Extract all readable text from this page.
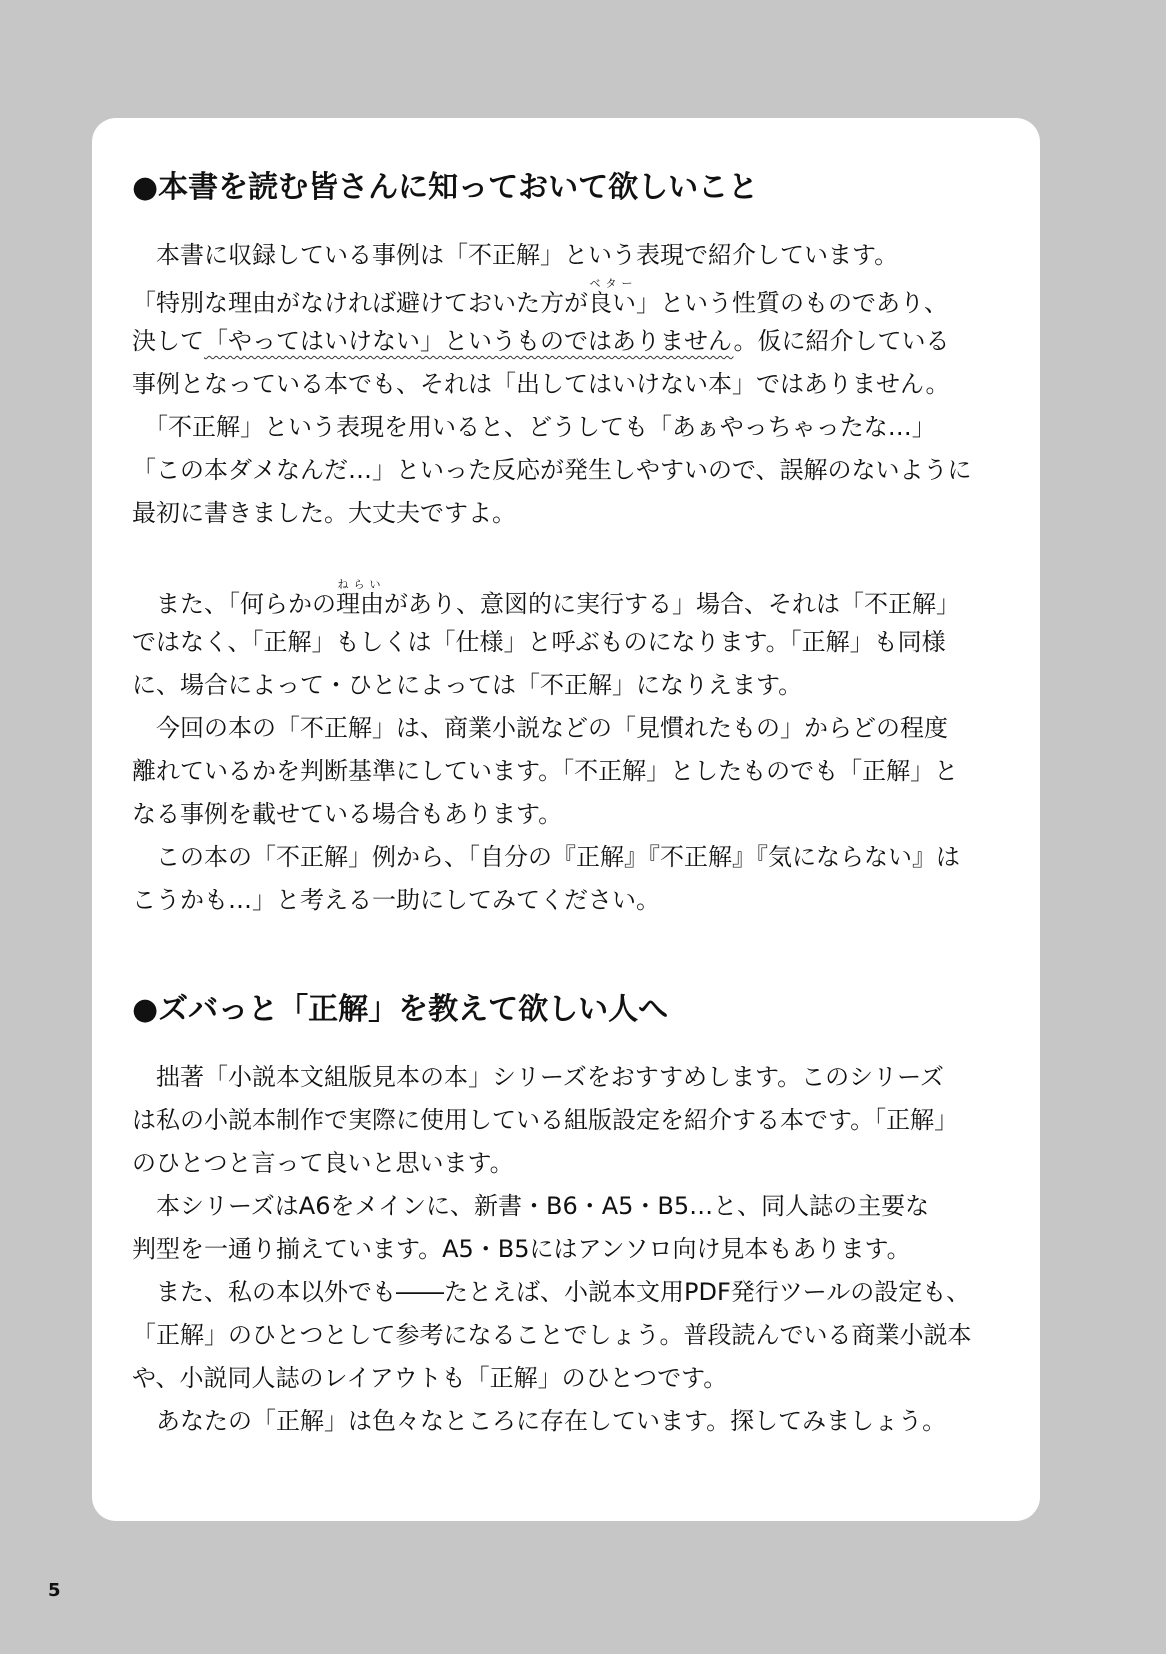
●本書を読む皆さんに知っておいて欲しいこと
　本書に収録している事例は「不正解」という表現で紹介しています。
「特別な理由がなければ避けておいた方が良いベター」という性質のものであり、
決して「やってはいけない」というものではありません。仮に紹介している
事例となっている本でも、それは「出してはいけない本」ではありません。
　「不正解」という表現を用いると、どうしても「あぁやっちゃったな…」
「この本ダメなんだ…」といった反応が発生しやすいので、誤解のないように
最初に書きました。大丈夫ですよ。
　また、「何らかの理由ねらいがあり、意図的に実行する」場合、それは「不正解」
ではなく、「正解」もしくは「仕様」と呼ぶものになります。「正解」も同様
に、場合によって・ひとによっては「不正解」になりえます。
　今回の本の「不正解」は、商業小説などの「見慣れたもの」からどの程度
離れているかを判断基準にしています。「不正解」としたものでも「正解」と
なる事例を載せている場合もあります。
　この本の「不正解」例から、「自分の『正解』『不正解』『気にならない』は
こうかも…」と考える一助にしてみてください。
●ズバっと「正解」を教えて欲しい人へ
　拙著「小説本文組版見本の本」シリーズをおすすめします。このシリーズ
は私の小説本制作で実際に使用している組版設定を紹介する本です。「正解」
のひとつと言って良いと思います。
　本シリーズはA6をメインに、新書・B6・A5・B5…と、同人誌の主要な
判型を一通り揃えています。A5・B5にはアンソロ向け見本もあります。
　また、私の本以外でも――たとえば、小説本文用PDF発行ツールの設定も、
「正解」のひとつとして参考になることでしょう。普段読んでいる商業小説本
や、小説同人誌のレイアウトも「正解」のひとつです。
　あなたの「正解」は色々なところに存在しています。探してみましょう。
5
